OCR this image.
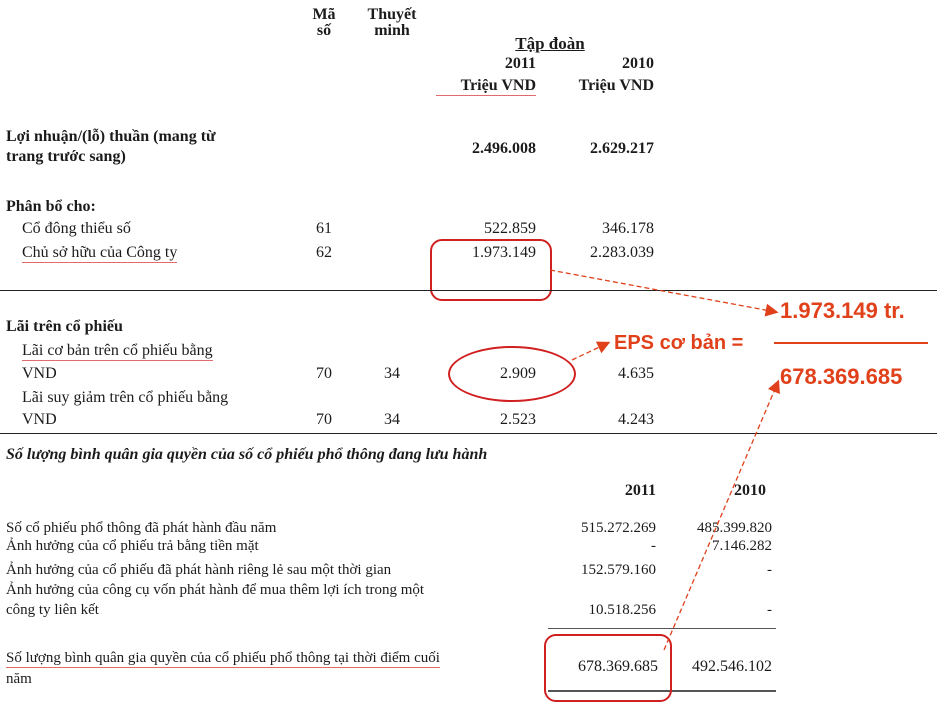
Mã
số
Thuyết
minh
Tập đoàn
2011	2010
Triệu VND	Triệu VND
Lợi nhuận/(lỗ) thuần (mang từ
trang trước sang)	2.496.008	2.629.217
Phân bổ cho:
Cổ đông thiểu số	61	522.859	346.178
Chủ sở hữu của Công ty	62	1.973.149	2.283.039
Lãi trên cổ phiếu
Lãi cơ bản trên cổ phiếu bằng
VND	70	34	2.909	4.635
Lãi suy giảm trên cổ phiếu bằng
VND	70	34	2.523	4.243
Số lượng bình quân gia quyền của số cổ phiếu phổ thông đang lưu hành
2011	2010
Số cổ phiếu phổ thông đã phát hành đầu năm	515.272.269	485.399.820
Ảnh hưởng của cổ phiếu trả bằng tiền mặt	-	7.146.282
Ảnh hưởng của cổ phiếu đã phát hành riêng lẻ sau một thời gian	152.579.160	-
Ảnh hưởng của công cụ vốn phát hành để mua thêm lợi ích trong một
công ty liên kết	10.518.256	-
Số lượng bình quân gia quyền của cổ phiếu phổ thông tại thời điểm cuối
năm
678.369.685	492.546.102
EPS cơ bản =
1.973.149 tr.
678.369.685
